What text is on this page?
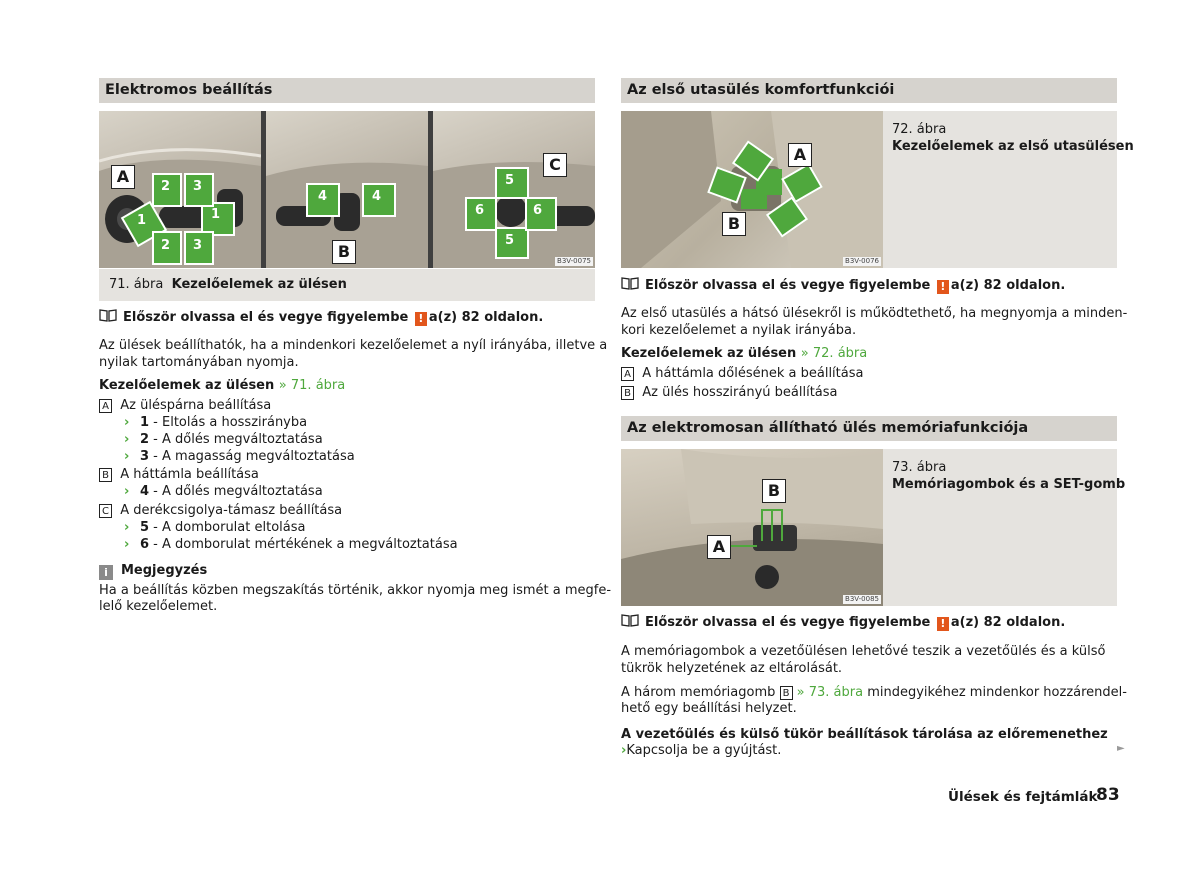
Elektromos beállítás
1	1
2 3
2 3
A
4	4
B
5
5
6	6
C
B3V-0075
71. ábra Kezelőelemek az ülésen
Először olvassa el és vegye figyelembe ! a(z) 82 oldalon.
Az ülések beállíthatók, ha a mindenkori kezelőelemet a nyíl irányába, illetve a
nyilak tartományában nyomja.
Kezelőelemek az ülésen » 71. ábra
A Az üléspárna beállítása
› 1 - Eltolás a hosszirányba
› 2 - A dőlés megváltoztatása
› 3 - A magasság megváltoztatása
B A háttámla beállítása
› 4 - A dőlés megváltoztatása
C A derékcsigolya-támasz beállítása
› 5 - A domborulat eltolása
› 6 - A domborulat mértékének a megváltoztatása
i Megjegyzés
Ha a beállítás közben megszakítás történik, akkor nyomja meg ismét a megfe-
lelő kezelőelemet.
Az első utasülés komfortfunkciói
A
B
B3V-0076
72. ábra
Kezelőelemek az első utasülésen
Először olvassa el és vegye figyelembe ! a(z) 82 oldalon.
Az első utasülés a hátsó ülésekről is működtethető, ha megnyomja a minden-
kori kezelőelemet a nyilak irányába.
Kezelőelemek az ülésen » 72. ábra
A A háttámla dőlésének a beállítása
B Az ülés hosszirányú beállítása
Az elektromosan állítható ülés memóriafunkciója
B
A
B3V-0085
73. ábra
Memóriagombok és a SET-gomb
Először olvassa el és vegye figyelembe ! a(z) 82 oldalon.
A memóriagombok a vezetőülésen lehetővé teszik a vezetőülés és a külső
tükrök helyzetének az eltárolását.
A három memóriagomb B » 73. ábra mindegyikéhez mindenkor hozzárendel-
hető egy beállítási helyzet.
A vezetőülés és külső tükör beállítások tárolása az előremenethez
›Kapcsolja be a gyújtást.	►
Ülések és fejtámlák
83
